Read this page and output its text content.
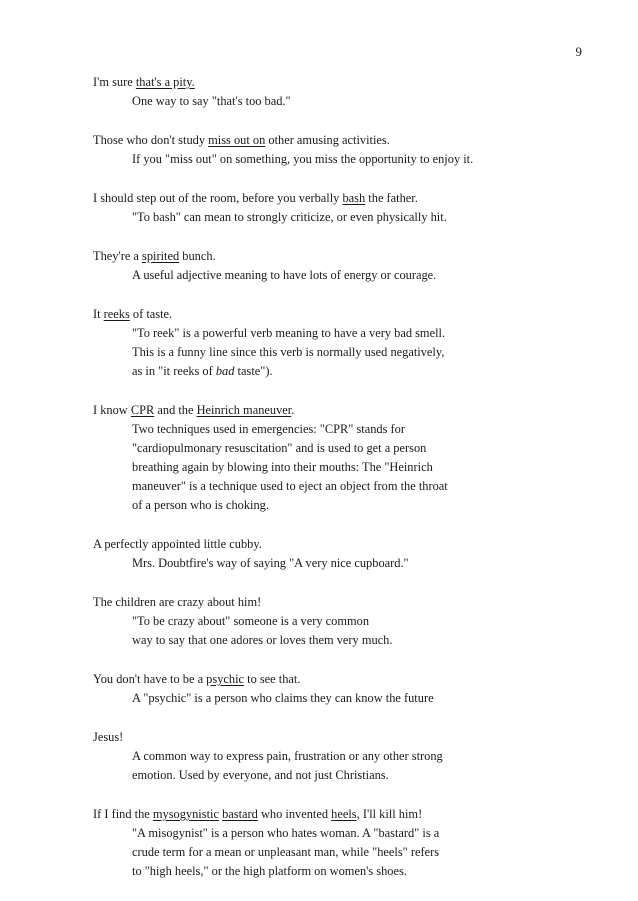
9
I'm sure that's a pity.
One way to say "that's too bad."
Those who don't study miss out on other amusing activities.
If you "miss out" on something, you miss the opportunity to enjoy it.
I should step out of the room, before you verbally bash the father.
"To bash" can mean to strongly criticize, or even physically hit.
They're a spirited bunch.
A useful adjective meaning to have lots of energy or courage.
It reeks of taste.
"To reek" is a powerful verb meaning to have a very bad smell.
This is a funny line since this verb is normally used negatively,
as in "it reeks of bad taste").
I know CPR and the Heinrich maneuver.
Two techniques used in emergencies: "CPR" stands for
"cardiopulmonary resuscitation" and is used to get a person
breathing again by blowing into their mouths: The "Heinrich
maneuver" is a technique used to eject an object from the throat
of a person who is choking.
A perfectly appointed little cubby.
Mrs. Doubtfire's way of saying "A very nice cupboard."
The children are crazy about him!
"To be crazy about" someone is a very common
way to say that one adores or loves them very much.
You don't have to be a psychic to see that.
A "psychic" is a person who claims they can know the future
Jesus!
A common way to express pain, frustration or any other strong
emotion. Used by everyone, and not just Christians.
If I find the mysogynistic bastard who invented heels, I'll kill him!
"A misogynist" is a person who hates woman. A "bastard" is a
crude term for a mean or unpleasant man, while "heels" refers
to "high heels," or the high platform on women's shoes.
